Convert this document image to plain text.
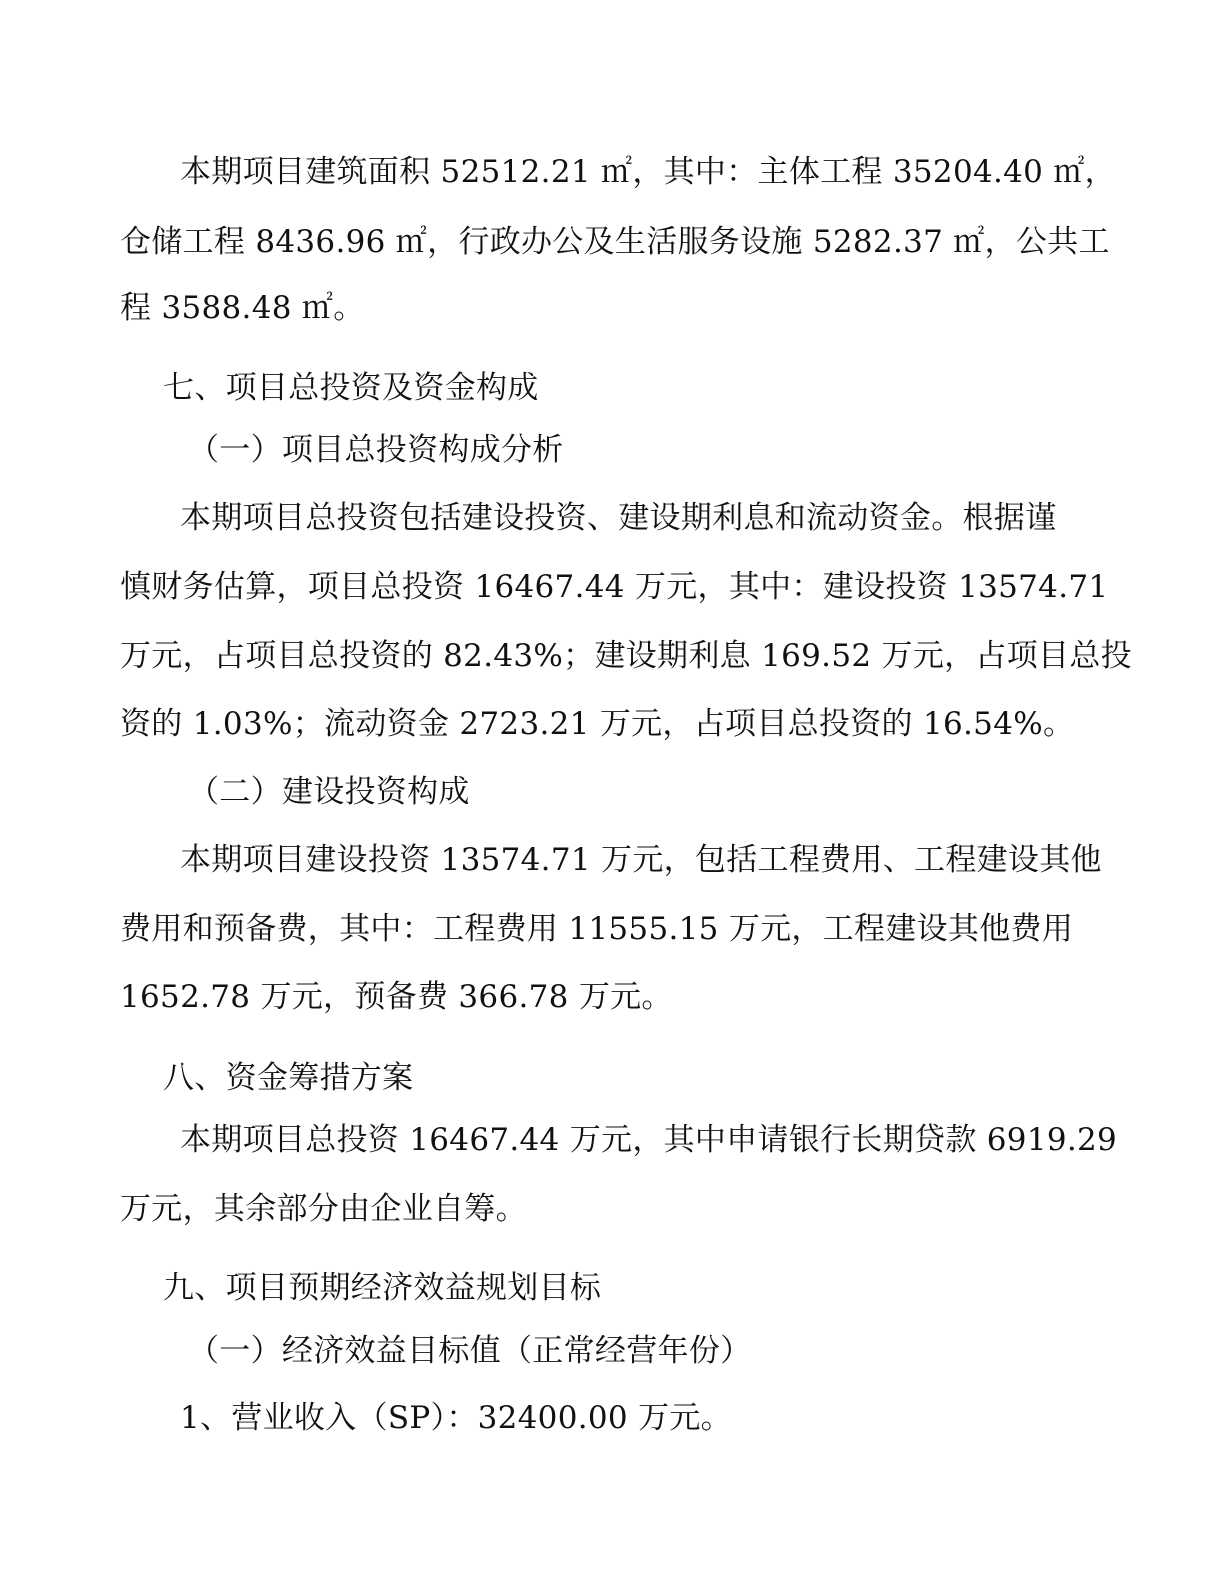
本期项目建筑面积 52512.21 ㎡，其中：主体工程 35204.40 ㎡，
仓储工程 8436.96 ㎡，行政办公及生活服务设施 5282.37 ㎡，公共工
程 3588.48 ㎡。
七、项目总投资及资金构成
（一）项目总投资构成分析
本期项目总投资包括建设投资、建设期利息和流动资金。根据谨
慎财务估算，项目总投资 16467.44 万元，其中：建设投资 13574.71
万元，占项目总投资的 82.43%；建设期利息 169.52 万元，占项目总投
资的 1.03%；流动资金 2723.21 万元，占项目总投资的 16.54%。
（二）建设投资构成
本期项目建设投资 13574.71 万元，包括工程费用、工程建设其他
费用和预备费，其中：工程费用 11555.15 万元，工程建设其他费用
1652.78 万元，预备费 366.78 万元。
八、资金筹措方案
本期项目总投资 16467.44 万元，其中申请银行长期贷款 6919.29
万元，其余部分由企业自筹。
九、项目预期经济效益规划目标
（一）经济效益目标值（正常经营年份）
1、营业收入（SP）：32400.00 万元。
